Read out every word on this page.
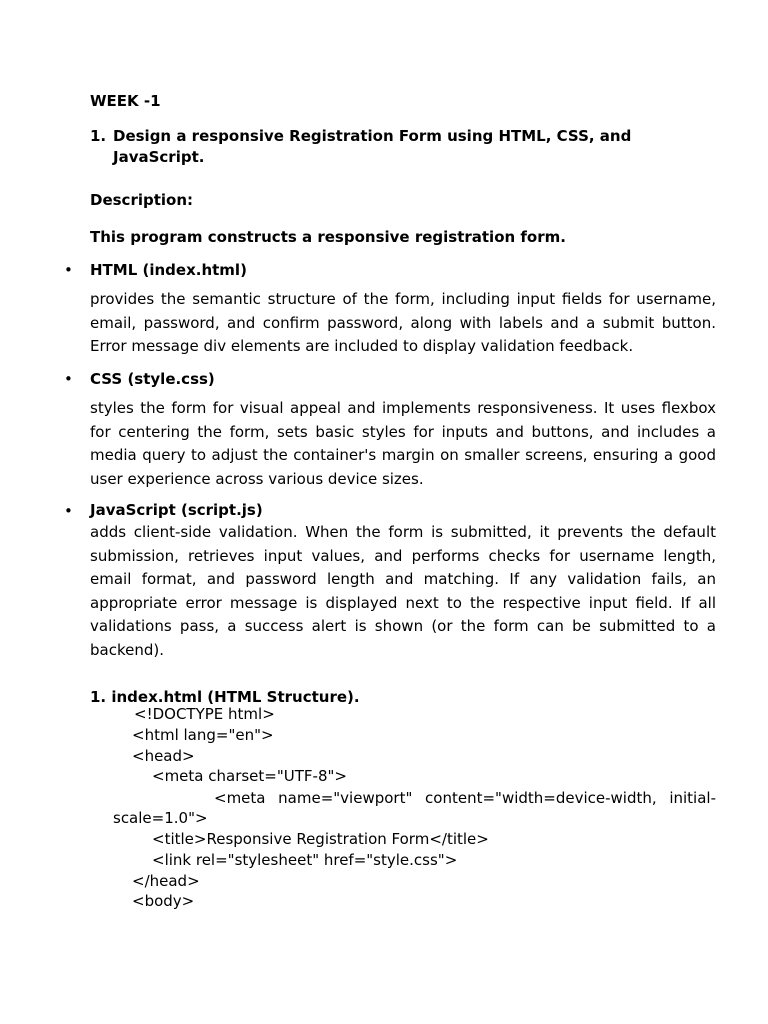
WEEK -1
1. Design a responsive Registration Form using HTML, CSS, and
JavaScript.
Description:
This program constructs a responsive registration form.
• HTML (index.html)
provides the semantic structure of the form, including input fields for username, email, password, and confirm password, along with labels and a submit button. Error message div elements are included to display validation feedback.
• CSS (style.css)
styles the form for visual appeal and implements responsiveness. It uses flexbox for centering the form, sets basic styles for inputs and buttons, and includes a media query to adjust the container's margin on smaller screens, ensuring a good user experience across various device sizes.
• JavaScript (script.js)
adds client-side validation. When the form is submitted, it prevents the default submission, retrieves input values, and performs checks for username length, email format, and password length and matching. If any validation fails, an appropriate error message is displayed next to the respective input field. If all validations pass, a success alert is shown (or the form can be submitted to a backend).
1. index.html (HTML Structure).
<!DOCTYPE html>
<html lang="en">
<head>
<meta charset="UTF-8">
<meta name="viewport" content="width=device-width, initial-
scale=1.0">
<title>Responsive Registration Form</title>
<link rel="stylesheet" href="style.css">
</head>
<body>
